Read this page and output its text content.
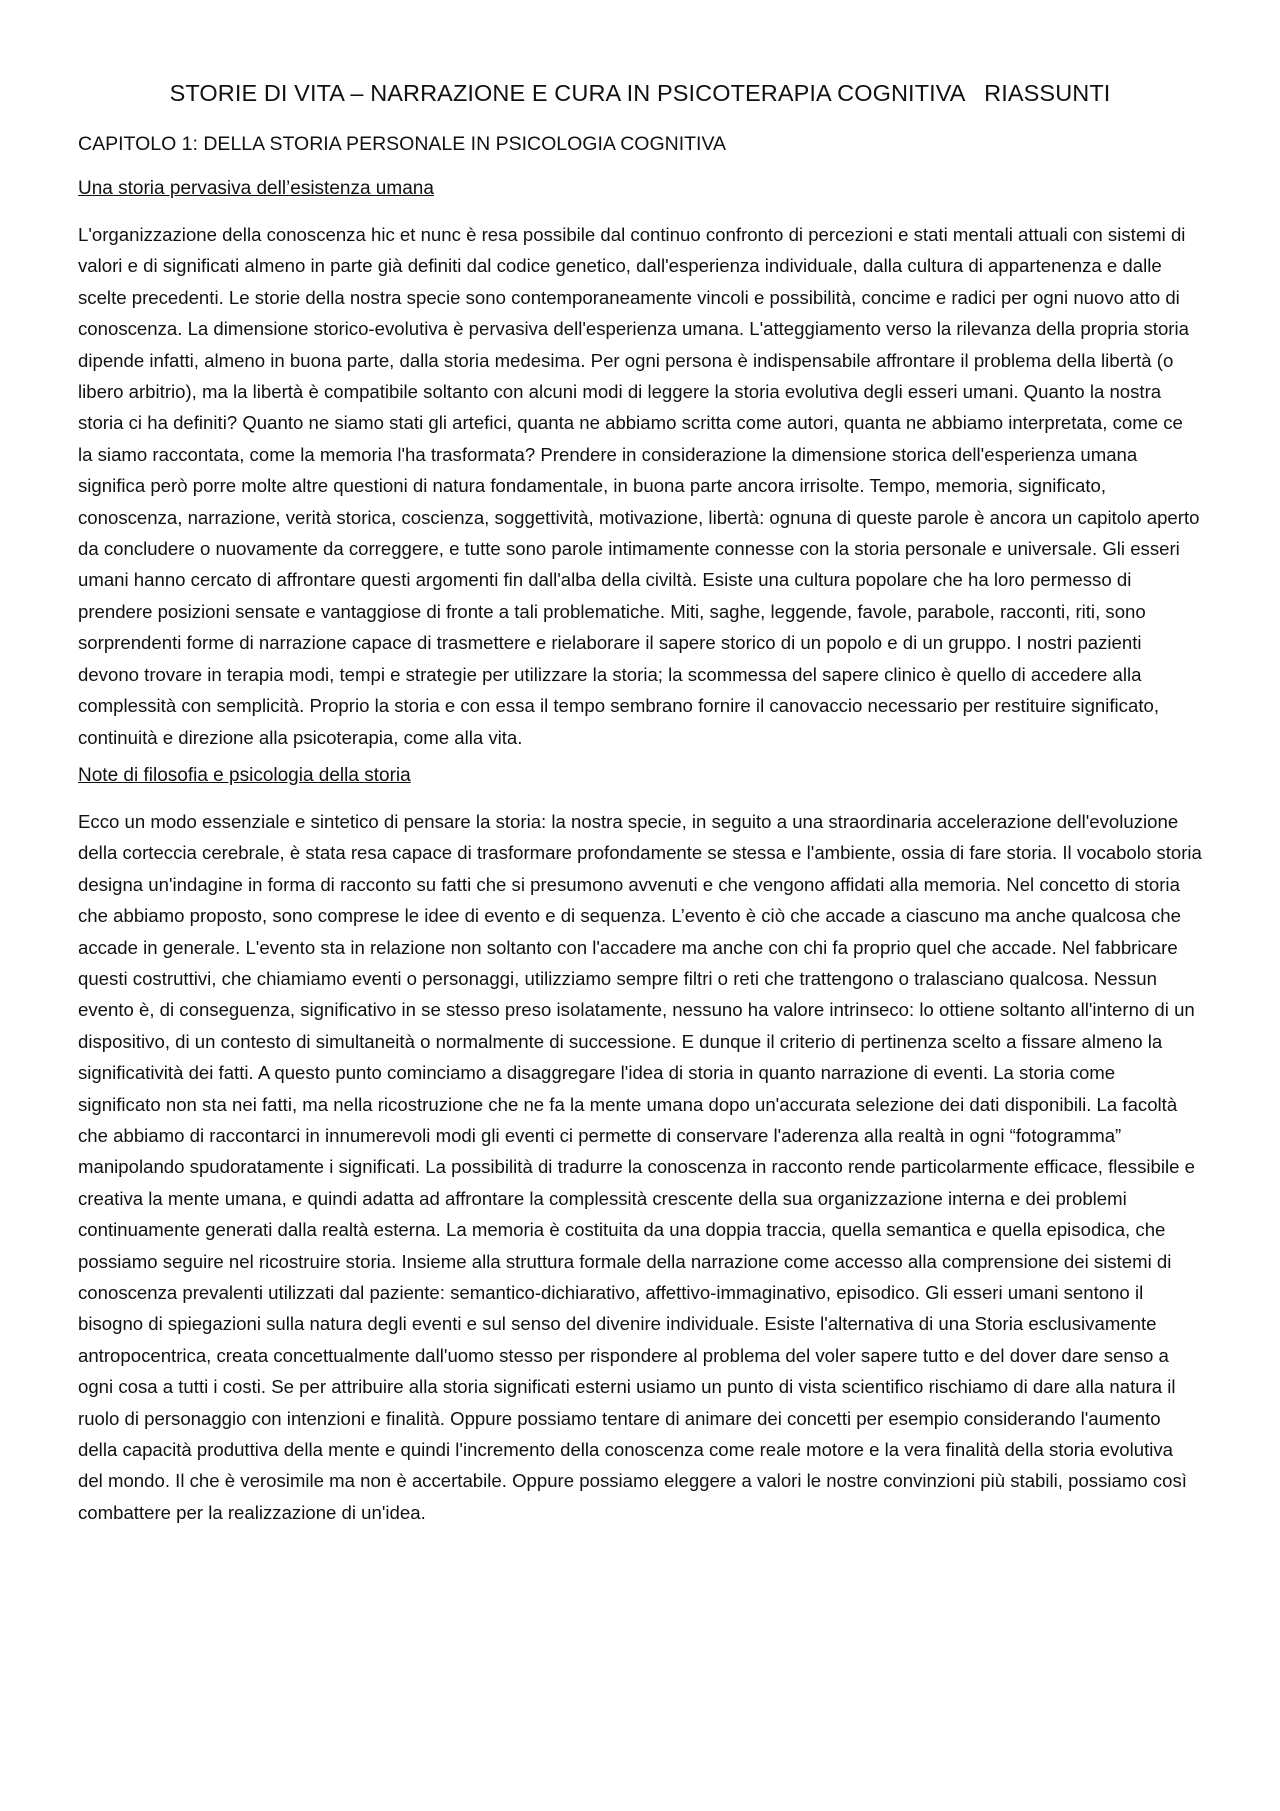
STORIE DI VITA – NARRAZIONE E CURA IN PSICOTERAPIA COGNITIVA   RIASSUNTI
CAPITOLO 1: DELLA STORIA PERSONALE IN PSICOLOGIA COGNITIVA
Una storia pervasiva dell’esistenza umana

L'organizzazione della conoscenza hic et nunc è resa possibile dal continuo confronto di percezioni e stati mentali attuali con sistemi di valori e di significati almeno in parte già definiti dal codice genetico, dall'esperienza individuale, dalla cultura di appartenenza e dalle scelte precedenti. Le storie della nostra specie sono contemporaneamente vincoli e possibilità, concime e radici per ogni nuovo atto di conoscenza. La dimensione storico-evolutiva è pervasiva dell'esperienza umana. L'atteggiamento verso la rilevanza della propria storia dipende infatti, almeno in buona parte, dalla storia medesima. Per ogni persona è indispensabile affrontare il problema della libertà (o libero arbitrio), ma la libertà è compatibile soltanto con alcuni modi di leggere la storia evolutiva degli esseri umani. Quanto la nostra storia ci ha definiti? Quanto ne siamo stati gli artefici, quanta ne abbiamo scritta come autori, quanta ne abbiamo interpretata, come ce la siamo raccontata, come la memoria l'ha trasformata? Prendere in considerazione la dimensione storica dell'esperienza umana significa però porre molte altre questioni di natura fondamentale, in buona parte ancora irrisolte. Tempo, memoria, significato, conoscenza, narrazione, verità storica, coscienza, soggettività, motivazione, libertà: ognuna di queste parole è ancora un capitolo aperto da concludere o nuovamente da correggere, e tutte sono parole intimamente connesse con la storia personale e universale. Gli esseri umani hanno cercato di affrontare questi argomenti fin dall'alba della civiltà. Esiste una cultura popolare che ha loro permesso di prendere posizioni sensate e vantaggiose di fronte a tali problematiche. Miti, saghe, leggende, favole, parabole, racconti, riti, sono sorprendenti forme di narrazione capace di trasmettere e rielaborare il sapere storico di un popolo e di un gruppo. I nostri pazienti devono trovare in terapia modi, tempi e strategie per utilizzare la storia; la scommessa del sapere clinico è quello di accedere alla complessità con semplicità. Proprio la storia e con essa il tempo sembrano fornire il canovaccio necessario per restituire significato, continuità e direzione alla psicoterapia, come alla vita.

Note di filosofia e psicologia della storia

Ecco un modo essenziale e sintetico di pensare la storia: la nostra specie, in seguito a una straordinaria accelerazione dell'evoluzione della corteccia cerebrale, è stata resa capace di trasformare profondamente se stessa e l'ambiente, ossia di fare storia. Il vocabolo storia designa un'indagine in forma di racconto su fatti che si presumono avvenuti e che vengono affidati alla memoria. Nel concetto di storia che abbiamo proposto, sono comprese le idee di evento e di sequenza. L’evento è ciò che accade a ciascuno ma anche qualcosa che accade in generale. L'evento sta in relazione non soltanto con l'accadere ma anche con chi fa proprio quel che accade. Nel fabbricare questi costruttivi, che chiamiamo eventi o personaggi, utilizziamo sempre filtri o reti che trattengono o tralasciano qualcosa. Nessun evento è, di conseguenza, significativo in se stesso preso isolatamente, nessuno ha valore intrinseco: lo ottiene soltanto all'interno di un dispositivo, di un contesto di simultaneità o normalmente di successione. E dunque il criterio di pertinenza scelto a fissare almeno la significatività dei fatti. A questo punto cominciamo a disaggregare l'idea di storia in quanto narrazione di eventi. La storia come significato non sta nei fatti, ma nella ricostruzione che ne fa la mente umana dopo un'accurata selezione dei dati disponibili. La facoltà che abbiamo di raccontarci in innumerevoli modi gli eventi ci permette di conservare l'aderenza alla realtà in ogni “fotogramma” manipolando spudoratamente i significati. La possibilità di tradurre la conoscenza in racconto rende particolarmente efficace, flessibile e creativa la mente umana, e quindi adatta ad affrontare la complessità crescente della sua organizzazione interna e dei problemi continuamente generati dalla realtà esterna. La memoria è costituita da una doppia traccia, quella semantica e quella episodica, che possiamo seguire nel ricostruire storia. Insieme alla struttura formale della narrazione come accesso alla comprensione dei sistemi di conoscenza prevalenti utilizzati dal paziente: semantico-dichiarativo, affettivo-immaginativo, episodico. Gli esseri umani sentono il bisogno di spiegazioni sulla natura degli eventi e sul senso del divenire individuale. Esiste l'alternativa di una Storia esclusivamente antropocentrica, creata concettualmente dall'uomo stesso per rispondere al problema del voler sapere tutto e del dover dare senso a ogni cosa a tutti i costi. Se per attribuire alla storia significati esterni usiamo un punto di vista scientifico rischiamo di dare alla natura il ruolo di personaggio con intenzioni e finalità. Oppure possiamo tentare di animare dei concetti per esempio considerando l'aumento della capacità produttiva della mente e quindi l'incremento della conoscenza come reale motore e la vera finalità della storia evolutiva del mondo. Il che è verosimile ma non è accertabile. Oppure possiamo eleggere a valori le nostre convinzioni più stabili, possiamo così combattere per la realizzazione di un'idea.
